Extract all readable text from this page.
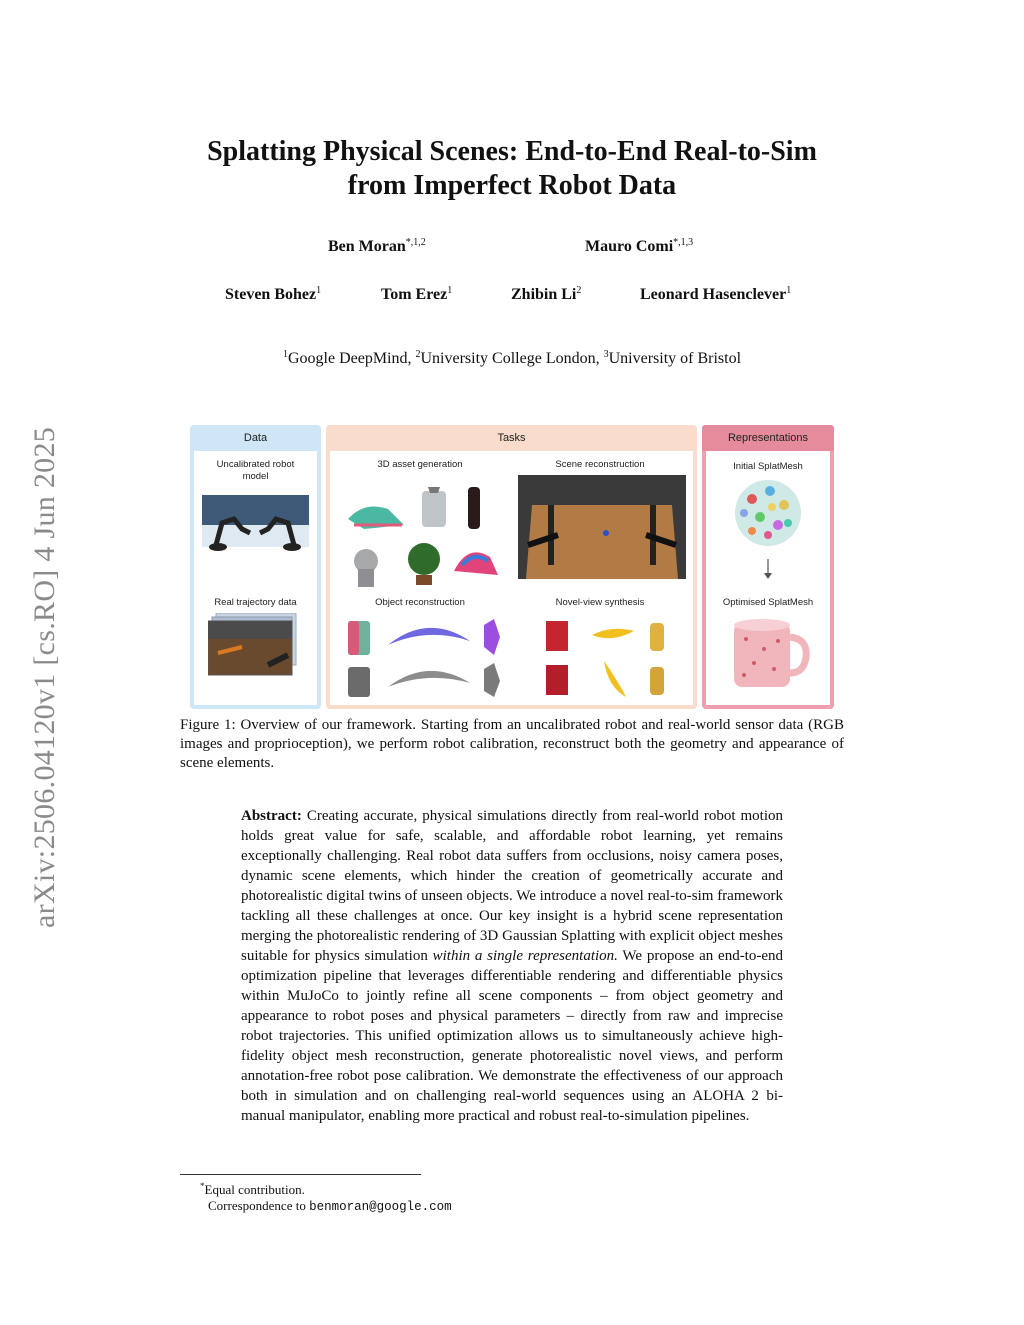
arXiv:2506.04120v1 [cs.RO] 4 Jun 2025
Splatting Physical Scenes: End-to-End Real-to-Sim
from Imperfect Robot Data
Ben Moran$^{*,1,2}$	Mauro Comi$^{*,1,3}$
Steven Bohez$^1$	Tom Erez$^1$	Zhibin Li$^2$	Leonard Hasenclever$^1$
$^1$Google DeepMind, $^2$University College London, $^3$University of Bristol
Data
Uncalibrated robot model
Real trajectory data
Tasks
3D asset generation	Scene reconstruction
Object reconstruction	Novel-view synthesis
Representations
Initial SplatMesh
Optimised SplatMesh
Figure 1: Overview of our framework. Starting from an uncalibrated robot and real-world sensor data (RGB images and proprioception), we perform robot calibration, reconstruct both the geometry and appearance of scene elements.
Abstract: Creating accurate, physical simulations directly from real-world robot motion holds great value for safe, scalable, and affordable robot learning, yet remains exceptionally challenging. Real robot data suffers from occlusions, noisy camera poses, dynamic scene elements, which hinder the creation of geometrically accurate and photorealistic digital twins of unseen objects. We introduce a novel real-to-sim framework tackling all these challenges at once. Our key insight is a hybrid scene representation merging the photorealistic rendering of 3D Gaussian Splatting with explicit object meshes suitable for physics simulation within a single representation. We propose an end-to-end optimization pipeline that leverages differentiable rendering and differentiable physics within MuJoCo to jointly refine all scene components – from object geometry and appearance to robot poses and physical parameters – directly from raw and imprecise robot trajectories. This unified optimization allows us to simultaneously achieve high-fidelity object mesh reconstruction, generate photorealistic novel views, and perform annotation-free robot pose calibration. We demonstrate the effectiveness of our approach both in simulation and on challenging real-world sequences using an ALOHA 2 bi-manual manipulator, enabling more practical and robust real-to-simulation pipelines.
*Equal contribution.
Correspondence to benmoran@google.com
